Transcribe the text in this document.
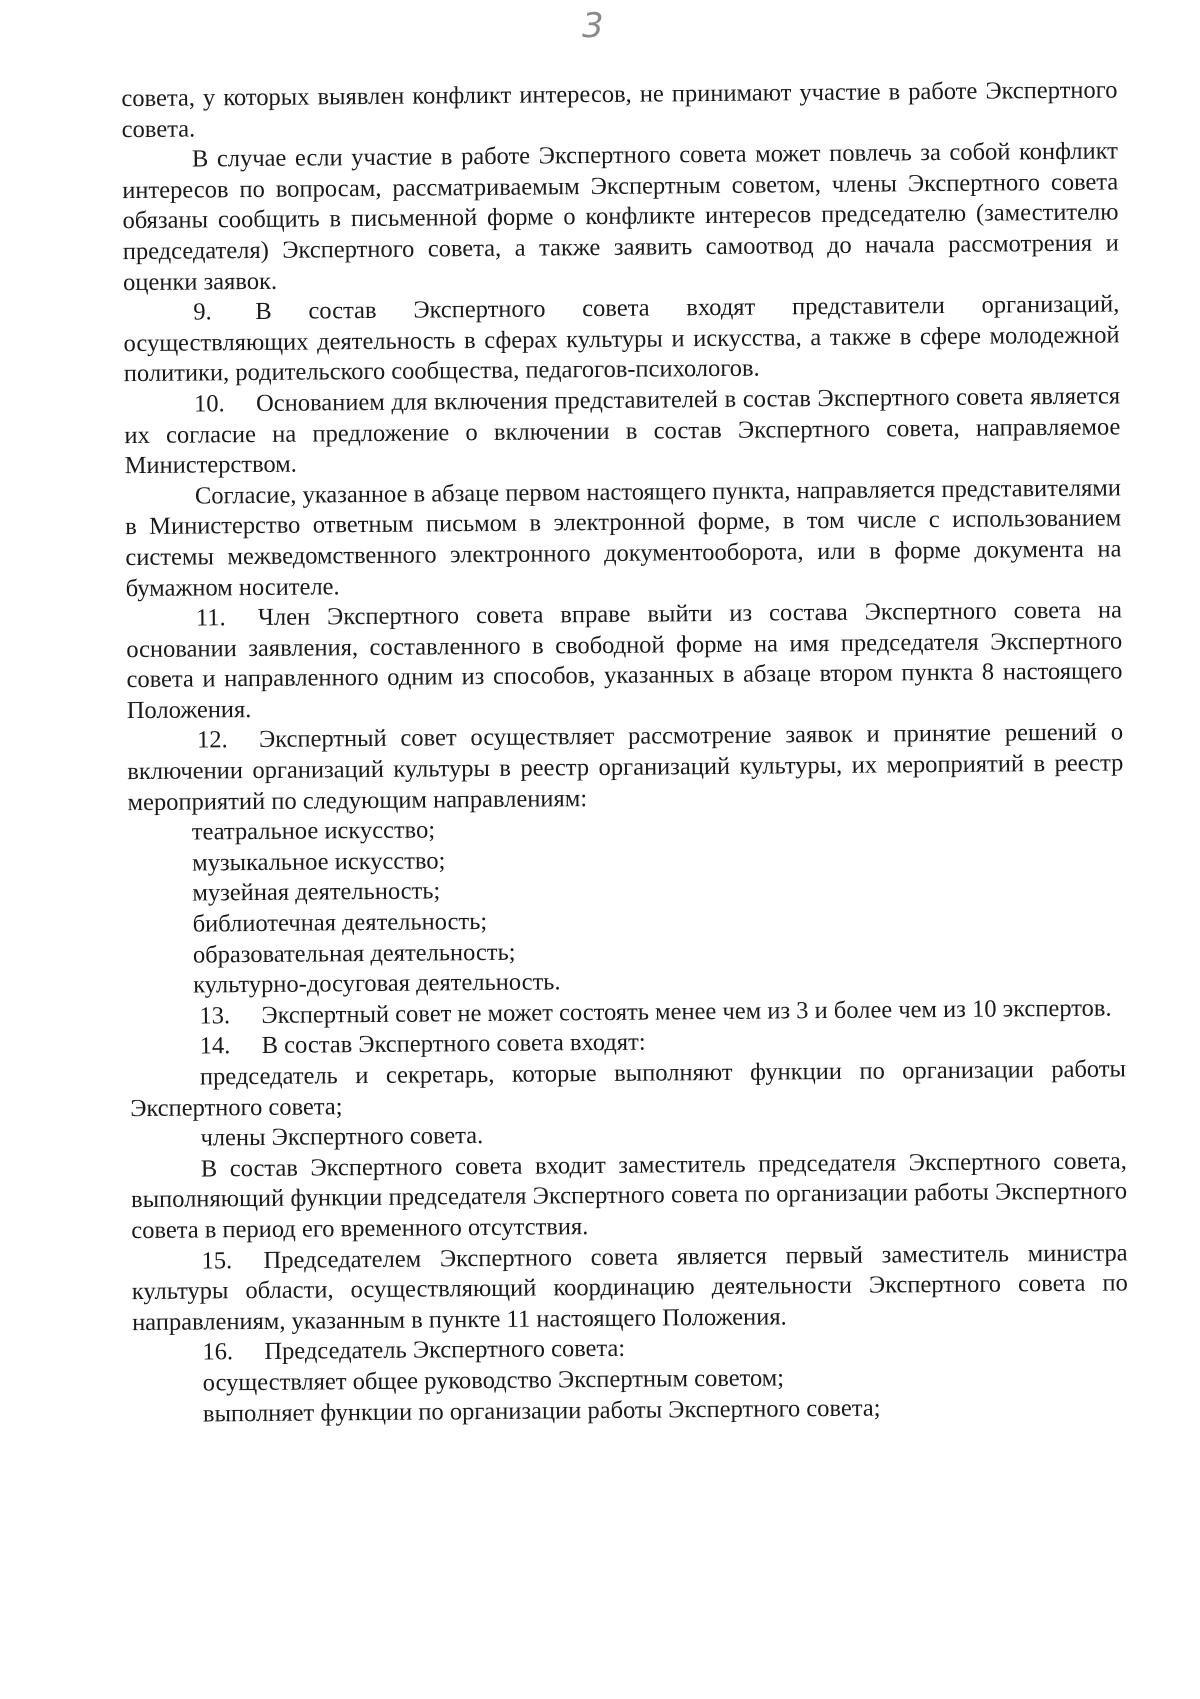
3

совета, у которых выявлен конфликт интересов, не принимают участие в работе Экспертного совета.

В случае если участие в работе Экспертного совета может повлечь за собой конфликт интересов по вопросам, рассматриваемым Экспертным советом, члены Экспертного совета обязаны сообщить в письменной форме о конфликте интересов председателю (заместителю председателя) Экспертного совета, а также заявить самоотвод до начала рассмотрения и оценки заявок.

9. В состав Экспертного совета входят представители организаций, осуществляющих деятельность в сферах культуры и искусства, а также в сфере молодежной политики, родительского сообщества, педагогов-психологов.

10. Основанием для включения представителей в состав Экспертного совета является их согласие на предложение о включении в состав Экспертного совета, направляемое Министерством.

Согласие, указанное в абзаце первом настоящего пункта, направляется представителями в Министерство ответным письмом в электронной форме, в том числе с использованием системы межведомственного электронного документооборота, или в форме документа на бумажном носителе.

11. Член Экспертного совета вправе выйти из состава Экспертного совета на основании заявления, составленного в свободной форме на имя председателя Экспертного совета и направленного одним из способов, указанных в абзаце втором пункта 8 настоящего Положения.

12. Экспертный совет осуществляет рассмотрение заявок и принятие решений о включении организаций культуры в реестр организаций культуры, их мероприятий в реестр мероприятий по следующим направлениям:

театральное искусство;

музыкальное искусство;

музейная деятельность;

библиотечная деятельность;

образовательная деятельность;

культурно-досуговая деятельность.

13. Экспертный совет не может состоять менее чем из 3 и более чем из 10 экспертов.

14. В состав Экспертного совета входят:

председатель и секретарь, которые выполняют функции по организации работы Экспертного совета;

члены Экспертного совета.

В состав Экспертного совета входит заместитель председателя Экспертного совета, выполняющий функции председателя Экспертного совета по организации работы Экспертного совета в период его временного отсутствия.

15. Председателем Экспертного совета является первый заместитель министра культуры области, осуществляющий координацию деятельности Экспертного совета по направлениям, указанным в пункте 11 настоящего Положения.

16. Председатель Экспертного совета:

осуществляет общее руководство Экспертным советом;

выполняет функции по организации работы Экспертного совета;
